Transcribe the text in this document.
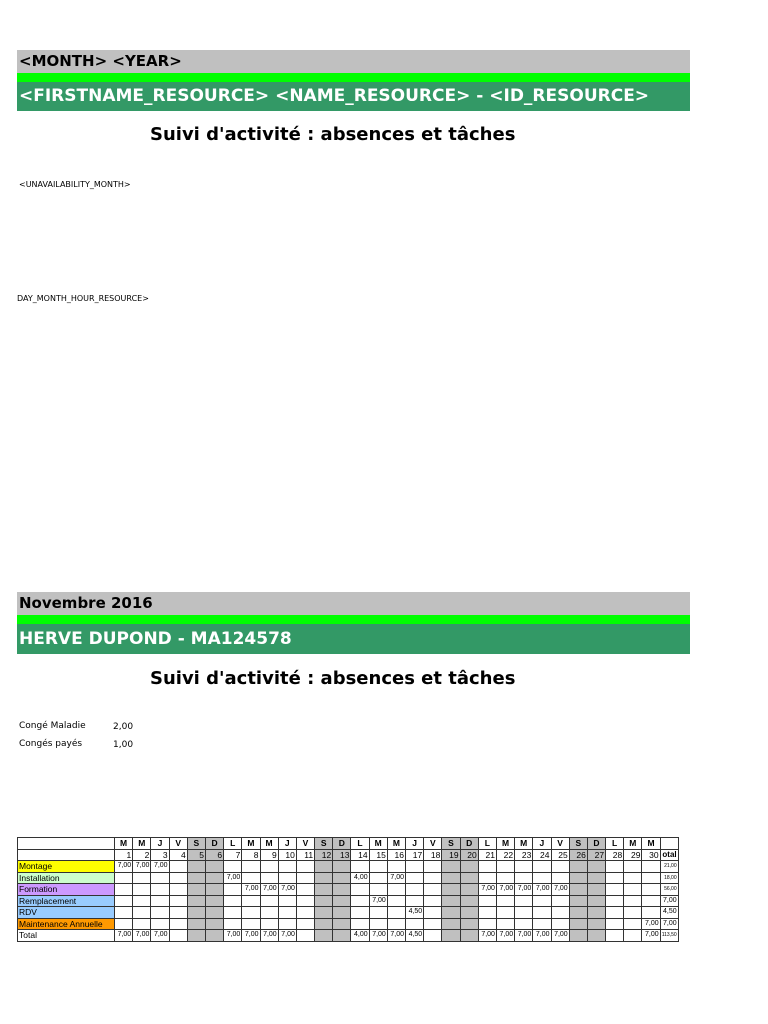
<MONTH> <YEAR>
<FIRSTNAME_RESOURCE> <NAME_RESOURCE> - <ID_RESOURCE>
Suivi d'activité : absences et tâches
<UNAVAILABILITY_MONTH>
DAY_MONTH_HOUR_RESOURCE>
Novembre 2016
HERVE DUPOND - MA124578
Suivi d'activité : absences et tâches
Congé Maladie	2,00
Congés payés	1,00
	M	M	J	V	S	D	L	M	M	J	V	S	D	L	M	M	J	V	S	D	L	M	M	J	V	S	D	L	M	M	
	1	2	3	4	5	6	7	8	9	10	11	12	13	14	15	16	17	18	19	20	21	22	23	24	25	26	27	28	29	30	otal
Montage	7,00	7,00	7,00																												21,00
Installation							7,00							4,00		7,00															18,00
Formation								7,00	7,00	7,00											7,00	7,00	7,00	7,00	7,00						56,00
Remplacement															7,00																7,00
RDV																	4,50														4,50
Maintenance Annuelle																														7,00	7,00
Total	7,00	7,00	7,00				7,00	7,00	7,00	7,00				4,00	7,00	7,00	4,50				7,00	7,00	7,00	7,00	7,00					7,00	113,50
